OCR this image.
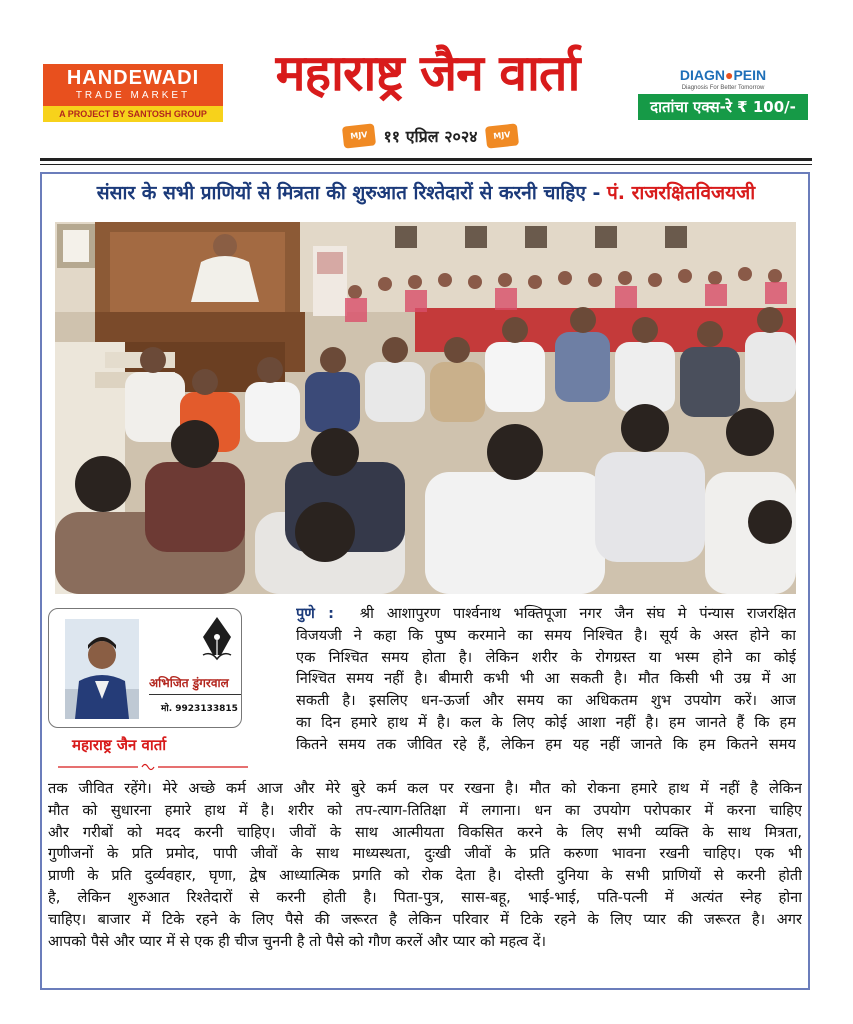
HANDEWADI
TRADE MARKET
A PROJECT BY SANTOSH GROUP
महाराष्ट्र जैन वार्ता
MJV ११ एप्रिल २०२४	MJV
DIAGN●PEIN
Diagnosis For Better Tomorrow
दातांचा एक्स-रे ₹ 100/-
संसार के सभी प्राणियों से मित्रता की शुरुआत रिश्तेदारों से करनी चाहिए - पं. राजरक्षितविजयजी
अभिजित डुंगरवाल
मो. 9923133815
महाराष्ट्र जैन वार्ता
पुणे : श्री आशापुरण पार्श्वनाथ भक्तिपूजा नगर जैन संघ मे पंन्यास राजरक्षित
विजयजी ने कहा कि पुष्प करमाने का समय निश्चित है। सूर्य के अस्त होने का
एक निश्चित समय होता है। लेकिन शरीर के रोगग्रस्त या भस्म होने का कोई
निश्चित समय नहीं है। बीमारी कभी भी आ सकती है। मौत किसी भी उम्र में आ
सकती है। इसलिए धन-ऊर्जा और समय का अधिकतम शुभ उपयोग करें। आज
का दिन हमारे हाथ में है। कल के लिए कोई आशा नहीं है। हम जानते हैं कि हम
कितने समय तक जीवित रहे हैं, लेकिन हम यह नहीं जानते कि हम कितने समय
तक जीवित रहेंगे। मेरे अच्छे कर्म आज और मेरे बुरे कर्म कल पर रखना है। मौत को रोकना हमारे हाथ में नहीं है लेकिन
मौत को सुधारना हमारे हाथ में है। शरीर को तप-त्याग-तितिक्षा में लगाना। धन का उपयोग परोपकार में करना चाहिए
और गरीबों को मदद करनी चाहिए। जीवों के साथ आत्मीयता विकसित करने के लिए सभी व्यक्ति के साथ मित्रता,
गुणीजनों के प्रति प्रमोद, पापी जीवों के साथ माध्यस्थता, दुःखी जीवों के प्रति करुणा भावना रखनी चाहिए। एक भी
प्राणी के प्रति दुर्व्यवहार, घृणा, द्वेष आध्यात्मिक प्रगति को रोक देता है। दोस्ती दुनिया के सभी प्राणियों से करनी होती
है, लेकिन शुरुआत रिश्तेदारों से करनी होती है। पिता-पुत्र, सास-बहू, भाई-भाई, पति-पत्नी में अत्यंत स्नेह होना
चाहिए। बाजार में टिके रहने के लिए पैसे की जरूरत है लेकिन परिवार में टिके रहने के लिए प्यार की जरूरत है। अगर
आपको पैसे और प्यार में से एक ही चीज चुननी है तो पैसे को गौण करलें और प्यार को महत्व दें।
